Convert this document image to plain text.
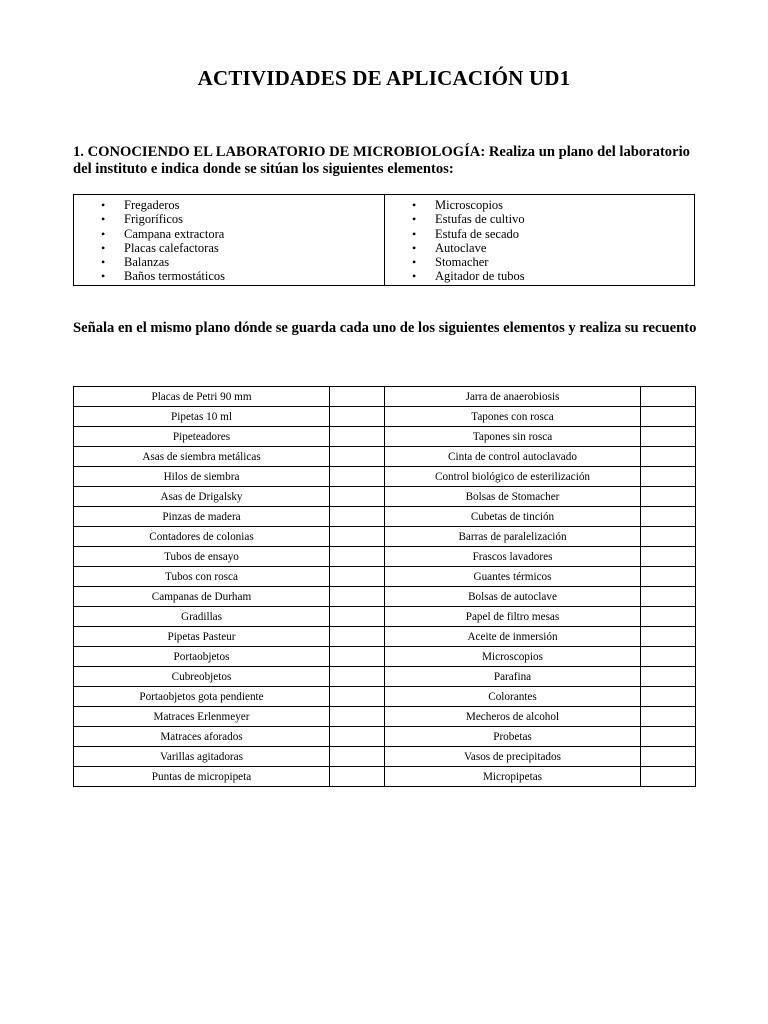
ACTIVIDADES DE APLICACIÓN UD1

1. CONOCIENDO EL LABORATORIO DE MICROBIOLOGÍA: Realiza un plano del laboratorio del instituto e indica donde se sitúan los siguientes elementos:

• Fregaderos
• Frigoríficos
• Campana extractora
• Placas calefactoras
• Balanzas
• Baños termostáticos
• Microscopios
• Estufas de cultivo
• Estufa de secado
• Autoclave
• Stomacher
• Agitador de tubos

Señala en el mismo plano dónde se guarda cada uno de los siguientes elementos y realiza su recuento

Placas de Petri 90 mm		Jarra de anaerobiosis	
Pipetas 10 ml		Tapones con rosca	
Pipeteadores		Tapones sin rosca	
Asas de siembra metálicas		Cinta de control autoclavado	
Hilos de siembra		Control biológico de esterilización	
Asas de Drigalsky		Bolsas de Stomacher	
Pinzas de madera		Cubetas de tinción	
Contadores de colonias		Barras de paralelización	
Tubos de ensayo		Frascos lavadores	
Tubos con rosca		Guantes térmicos	
Campanas de Durham		Bolsas de autoclave	
Gradillas		Papel de filtro mesas	
Pipetas Pasteur		Aceite de inmersión	
Portaobjetos		Microscopios	
Cubreobjetos		Parafina	
Portaobjetos gota pendiente		Colorantes	
Matraces Erlenmeyer		Mecheros de alcohol	
Matraces aforados		Probetas	
Varillas agitadoras		Vasos de precipitados	
Puntas de micropipeta		Micropipetas	
